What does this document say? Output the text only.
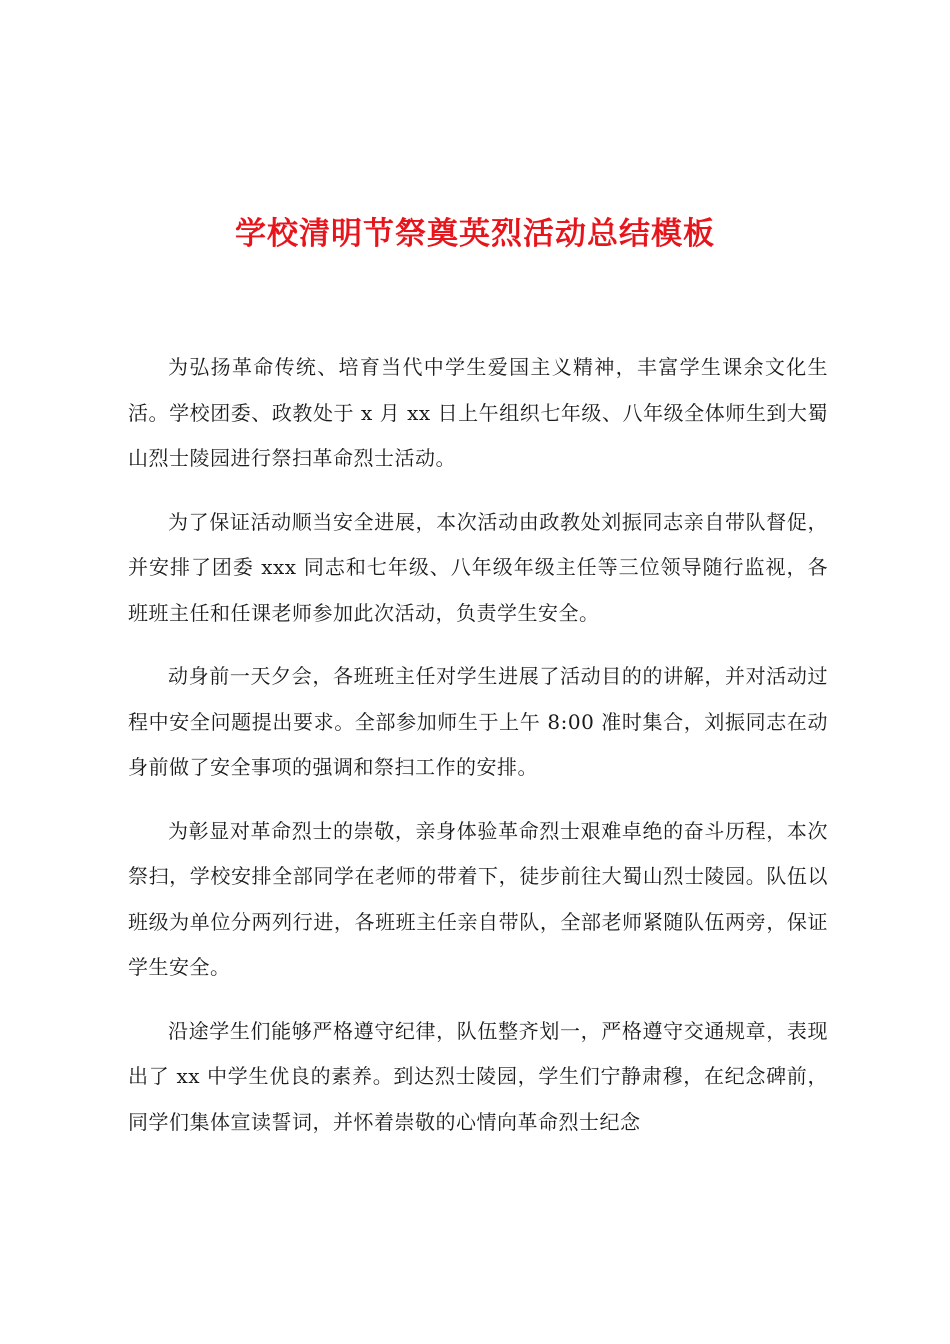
学校清明节祭奠英烈活动总结模板

为弘扬革命传统、培育当代中学生爱国主义精神，丰富学生课余文化生活。学校团委、政教处于 x 月 xx 日上午组织七年级、八年级全体师生到大蜀山烈士陵园进行祭扫革命烈士活动。

为了保证活动顺当安全进展，本次活动由政教处刘振同志亲自带队督促，并安排了团委 xxx 同志和七年级、八年级年级主任等三位领导随行监视，各班班主任和任课老师参加此次活动，负责学生安全。

动身前一天夕会，各班班主任对学生进展了活动目的的讲解，并对活动过程中安全问题提出要求。全部参加师生于上午 8:00 准时集合，刘振同志在动身前做了安全事项的强调和祭扫工作的安排。

为彰显对革命烈士的崇敬，亲身体验革命烈士艰难卓绝的奋斗历程，本次祭扫，学校安排全部同学在老师的带着下，徒步前往大蜀山烈士陵园。队伍以班级为单位分两列行进，各班班主任亲自带队，全部老师紧随队伍两旁，保证学生安全。

沿途学生们能够严格遵守纪律，队伍整齐划一，严格遵守交通规章，表现出了 xx 中学生优良的素养。到达烈士陵园，学生们宁静肃穆，在纪念碑前，同学们集体宣读誓词，并怀着崇敬的心情向革命烈士纪念
